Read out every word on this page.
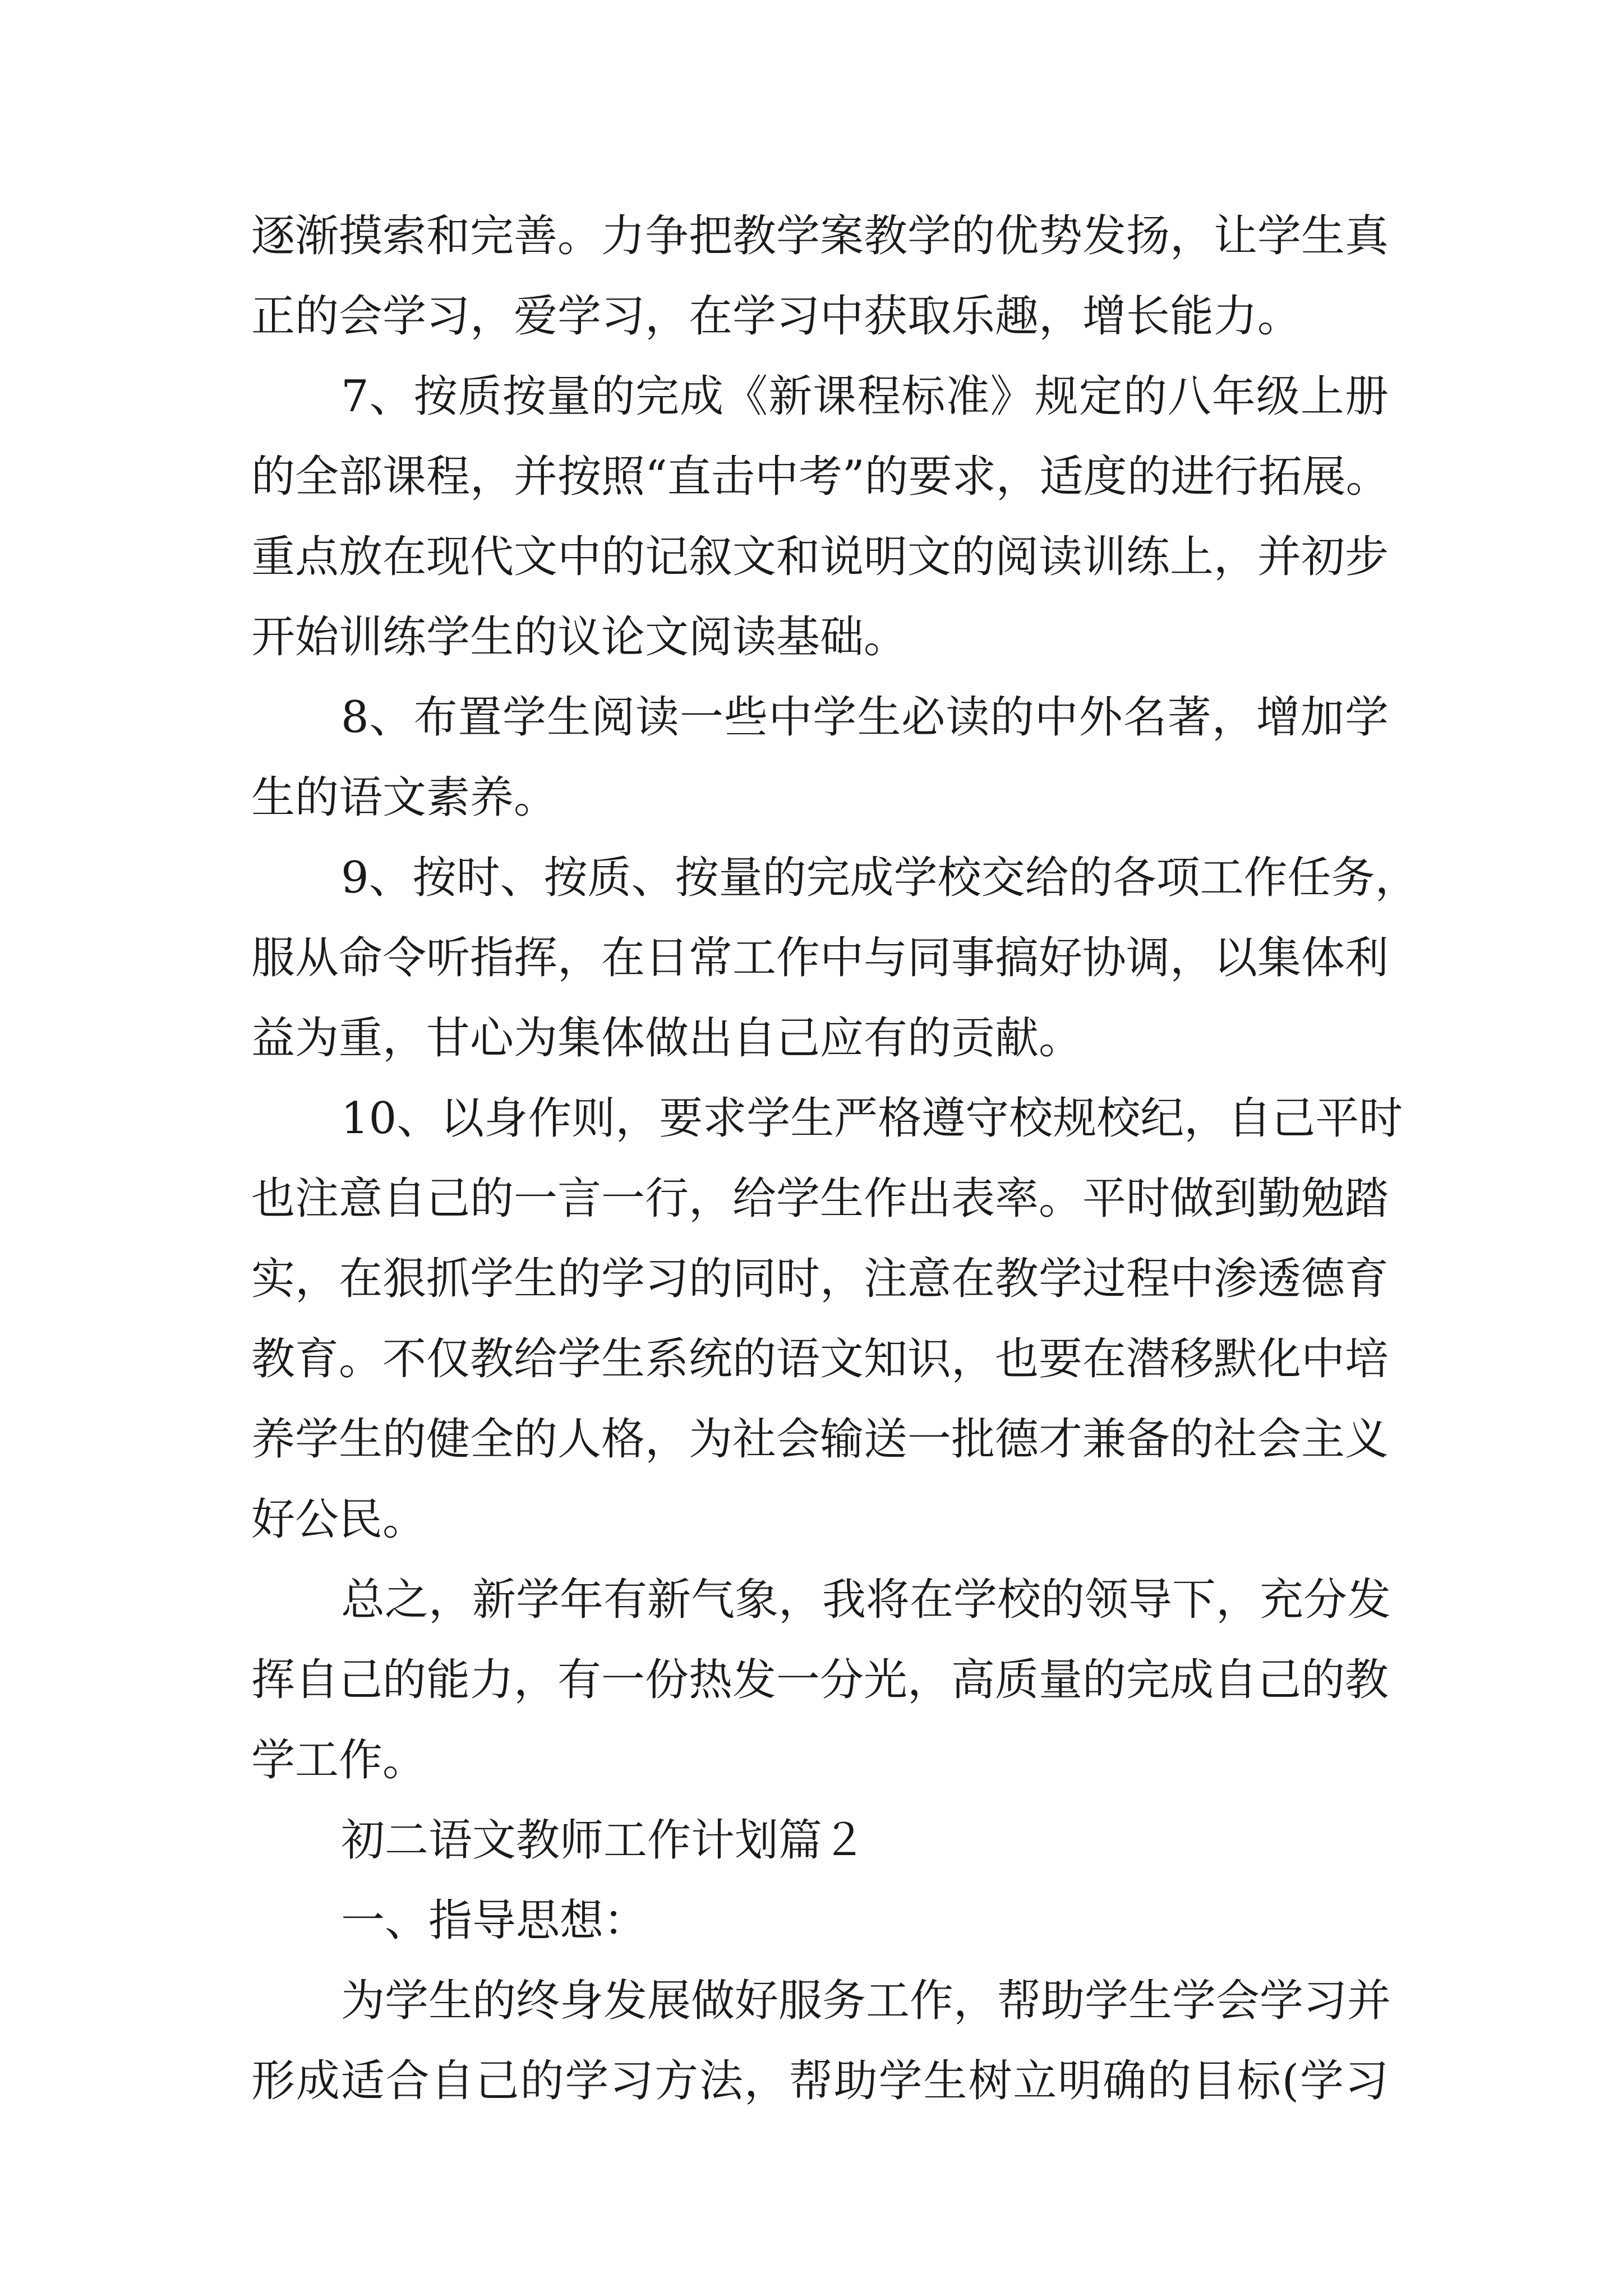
逐渐摸索和完善。力争把教学案教学的优势发扬，让学生真
正的会学习，爱学习，在学习中获取乐趣，增长能力。
7、按质按量的完成《新课程标准》规定的八年级上册
的全部课程，并按照“直击中考”的要求，适度的进行拓展。
重点放在现代文中的记叙文和说明文的阅读训练上，并初步
开始训练学生的议论文阅读基础。
8、布置学生阅读一些中学生必读的中外名著，增加学
生的语文素养。
9、按时、按质、按量的完成学校交给的各项工作任务，
服从命令听指挥，在日常工作中与同事搞好协调，以集体利
益为重，甘心为集体做出自己应有的贡献。
10、以身作则，要求学生严格遵守校规校纪，自己平时
也注意自己的一言一行，给学生作出表率。平时做到勤勉踏
实，在狠抓学生的学习的同时，注意在教学过程中渗透德育
教育。不仅教给学生系统的语文知识，也要在潜移默化中培
养学生的健全的人格，为社会输送一批德才兼备的社会主义
好公民。
总之，新学年有新气象，我将在学校的领导下，充分发
挥自己的能力，有一份热发一分光，高质量的完成自己的教
学工作。
初二语文教师工作计划篇２
一、指导思想：
为学生的终身发展做好服务工作，帮助学生学会学习并
形成适合自己的学习方法，帮助学生树立明确的目标(学习
